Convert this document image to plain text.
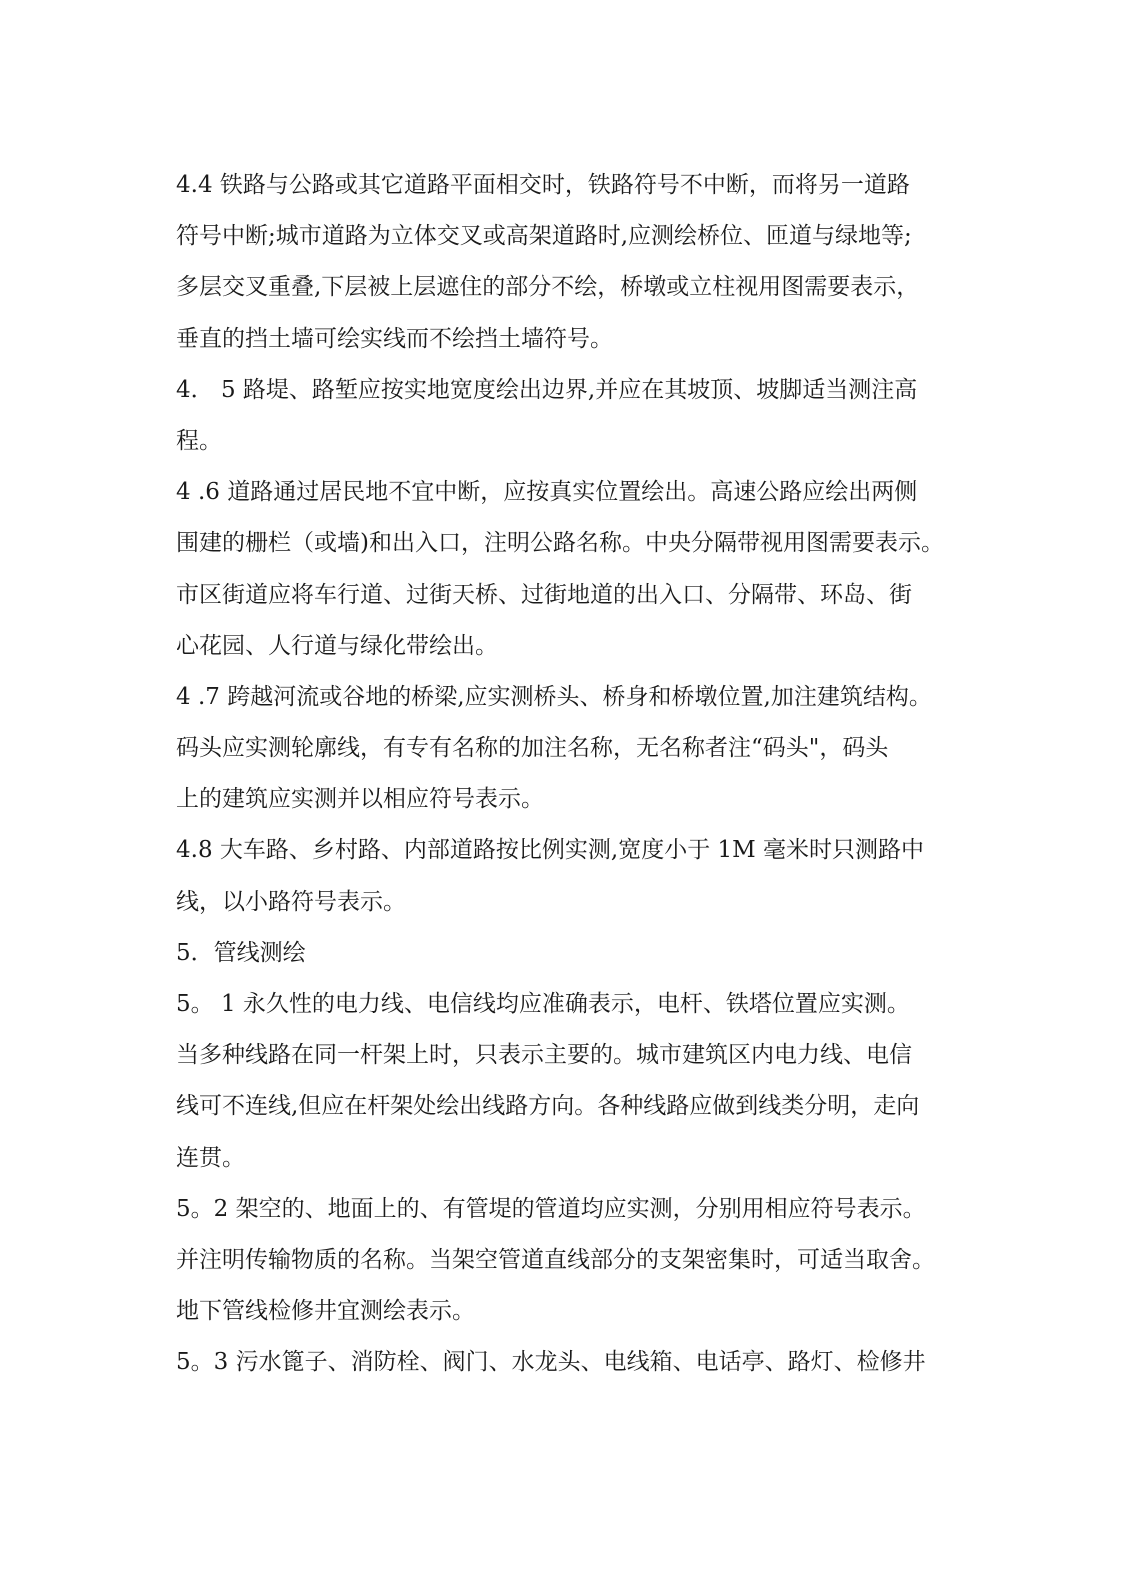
4.4 铁路与公路或其它道路平面相交时，铁路符号不中断，而将另一道路
符号中断;城市道路为立体交叉或高架道路时,应测绘桥位、匝道与绿地等;
多层交叉重叠,下层被上层遮住的部分不绘，桥墩或立柱视用图需要表示，
垂直的挡土墙可绘实线而不绘挡土墙符号。
4． 5 路堤、路堑应按实地宽度绘出边界,并应在其坡顶、坡脚适当测注高
程。
4 .6 道路通过居民地不宜中断，应按真实位置绘出。高速公路应绘出两侧
围建的栅栏（或墙)和出入口，注明公路名称。中央分隔带视用图需要表示。
市区街道应将车行道、过街天桥、过街地道的出入口、分隔带、环岛、街
心花园、人行道与绿化带绘出。
4 .7 跨越河流或谷地的桥梁,应实测桥头、桥身和桥墩位置,加注建筑结构。
码头应实测轮廓线，有专有名称的加注名称，无名称者注“码头"，码头
上的建筑应实测并以相应符号表示。
4.8 大车路、乡村路、内部道路按比例实测,宽度小于 1M 毫米时只测路中
线，以小路符号表示。
5．管线测绘
5。 1 永久性的电力线、电信线均应准确表示，电杆、铁塔位置应实测。
当多种线路在同一杆架上时，只表示主要的。城市建筑区内电力线、电信
线可不连线,但应在杆架处绘出线路方向。各种线路应做到线类分明，走向
连贯。
5。2 架空的、地面上的、有管堤的管道均应实测，分别用相应符号表示。
并注明传输物质的名称。当架空管道直线部分的支架密集时，可适当取舍。
地下管线检修井宜测绘表示。
5。3 污水篦子、消防栓、阀门、水龙头、电线箱、电话亭、路灯、检修井
